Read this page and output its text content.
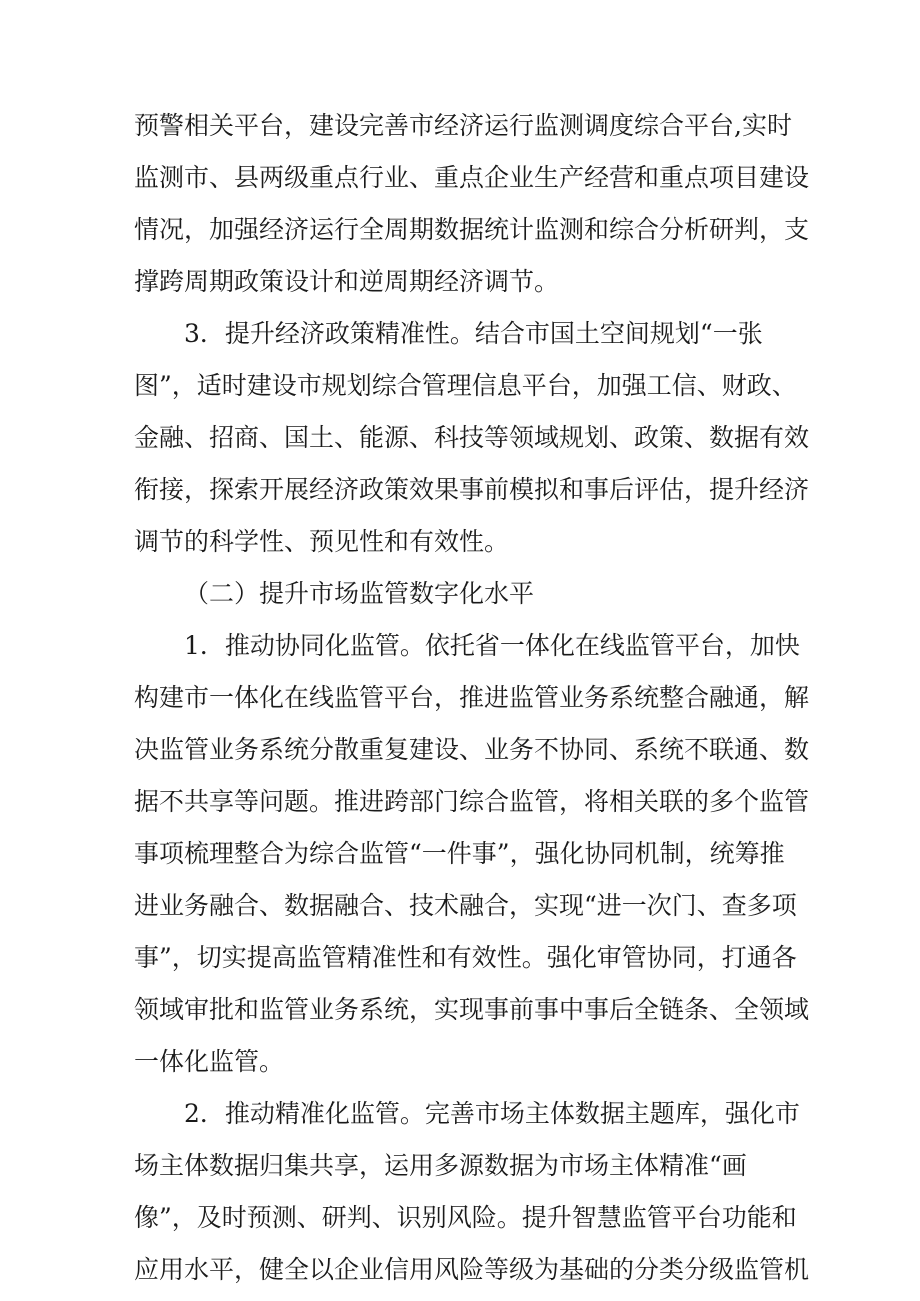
预警相关平台，建设完善市经济运行监测调度综合平台,实时
监测市、县两级重点行业、重点企业生产经营和重点项目建设
情况，加强经济运行全周期数据统计监测和综合分析研判，支
撑跨周期政策设计和逆周期经济调节。
3．提升经济政策精准性。结合市国土空间规划“一张
图”，适时建设市规划综合管理信息平台，加强工信、财政、
金融、招商、国土、能源、科技等领域规划、政策、数据有效
衔接，探索开展经济政策效果事前模拟和事后评估，提升经济
调节的科学性、预见性和有效性。
（二）提升市场监管数字化水平
1．推动协同化监管。依托省一体化在线监管平台，加快
构建市一体化在线监管平台，推进监管业务系统整合融通，解
决监管业务系统分散重复建设、业务不协同、系统不联通、数
据不共享等问题。推进跨部门综合监管，将相关联的多个监管
事项梳理整合为综合监管“一件事”，强化协同机制，统筹推
进业务融合、数据融合、技术融合，实现“进一次门、查多项
事”，切实提高监管精准性和有效性。强化审管协同，打通各
领域审批和监管业务系统，实现事前事中事后全链条、全领域
一体化监管。
2．推动精准化监管。完善市场主体数据主题库，强化市
场主体数据归集共享，运用多源数据为市场主体精准“画
像”，及时预测、研判、识别风险。提升智慧监管平台功能和
应用水平，健全以企业信用风险等级为基础的分类分级监管机
